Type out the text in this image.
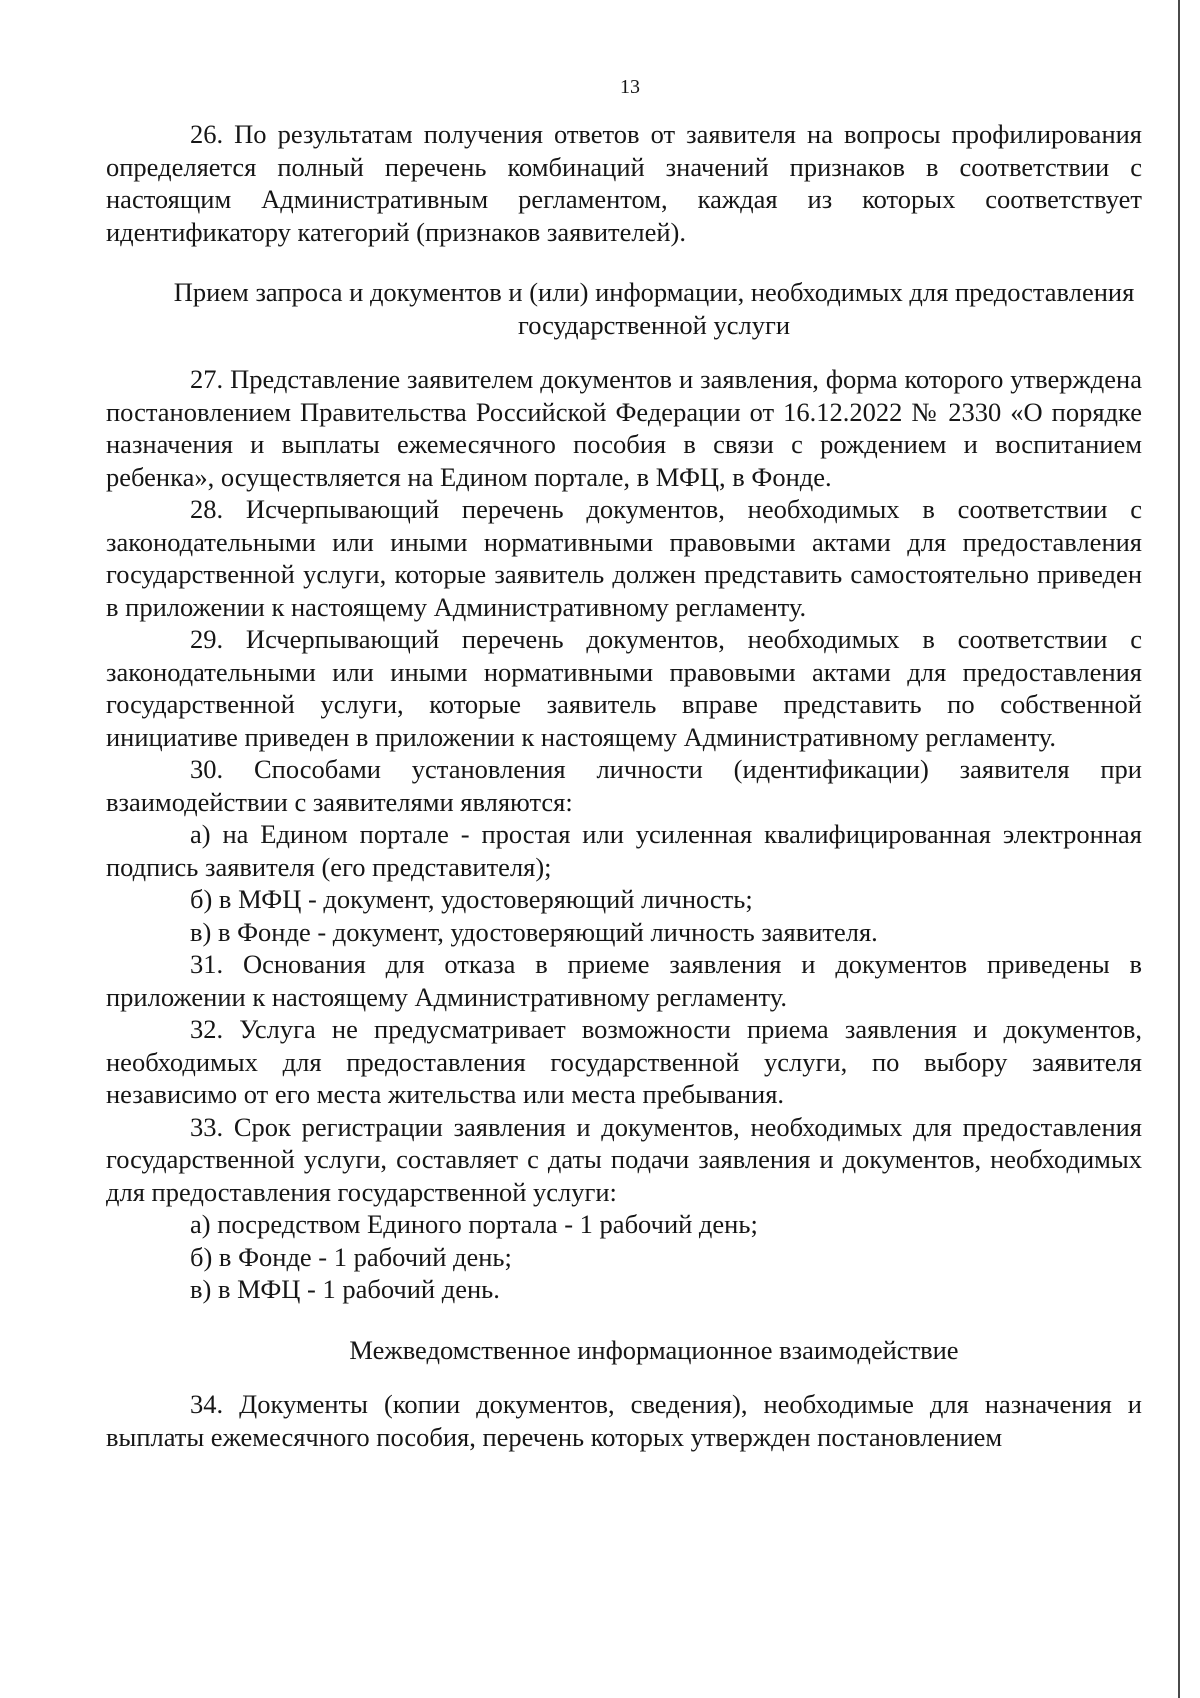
13

26. По результатам получения ответов от заявителя на вопросы профилирования определяется полный перечень комбинаций значений признаков в соответствии с настоящим Административным регламентом, каждая из которых соответствует идентификатору категорий (признаков заявителей).

Прием запроса и документов и (или) информации, необходимых для предоставления государственной услуги

27. Представление заявителем документов и заявления, форма которого утверждена постановлением Правительства Российской Федерации от 16.12.2022 № 2330 «О порядке назначения и выплаты ежемесячного пособия в связи с рождением и воспитанием ребенка», осуществляется на Едином портале, в МФЦ, в Фонде.

28. Исчерпывающий перечень документов, необходимых в соответствии с законодательными или иными нормативными правовыми актами для предоставления государственной услуги, которые заявитель должен представить самостоятельно приведен в приложении к настоящему Административному регламенту.

29. Исчерпывающий перечень документов, необходимых в соответствии с законодательными или иными нормативными правовыми актами для предоставления государственной услуги, которые заявитель вправе представить по собственной инициативе приведен в приложении к настоящему Административному регламенту.

30. Способами установления личности (идентификации) заявителя при взаимодействии с заявителями являются:

а) на Едином портале - простая или усиленная квалифицированная электронная подпись заявителя (его представителя);

б) в МФЦ - документ, удостоверяющий личность;

в) в Фонде - документ, удостоверяющий личность заявителя.

31. Основания для отказа в приеме заявления и документов приведены в приложении к настоящему Административному регламенту.

32. Услуга не предусматривает возможности приема заявления и документов, необходимых для предоставления государственной услуги, по выбору заявителя независимо от его места жительства или места пребывания.

33. Срок регистрации заявления и документов, необходимых для предоставления государственной услуги, составляет с даты подачи заявления и документов, необходимых для предоставления государственной услуги:

а) посредством Единого портала - 1 рабочий день;

б) в Фонде - 1 рабочий день;

в) в МФЦ - 1 рабочий день.

Межведомственное информационное взаимодействие

34. Документы (копии документов, сведения), необходимые для назначения и выплаты ежемесячного пособия, перечень которых утвержден постановлением
